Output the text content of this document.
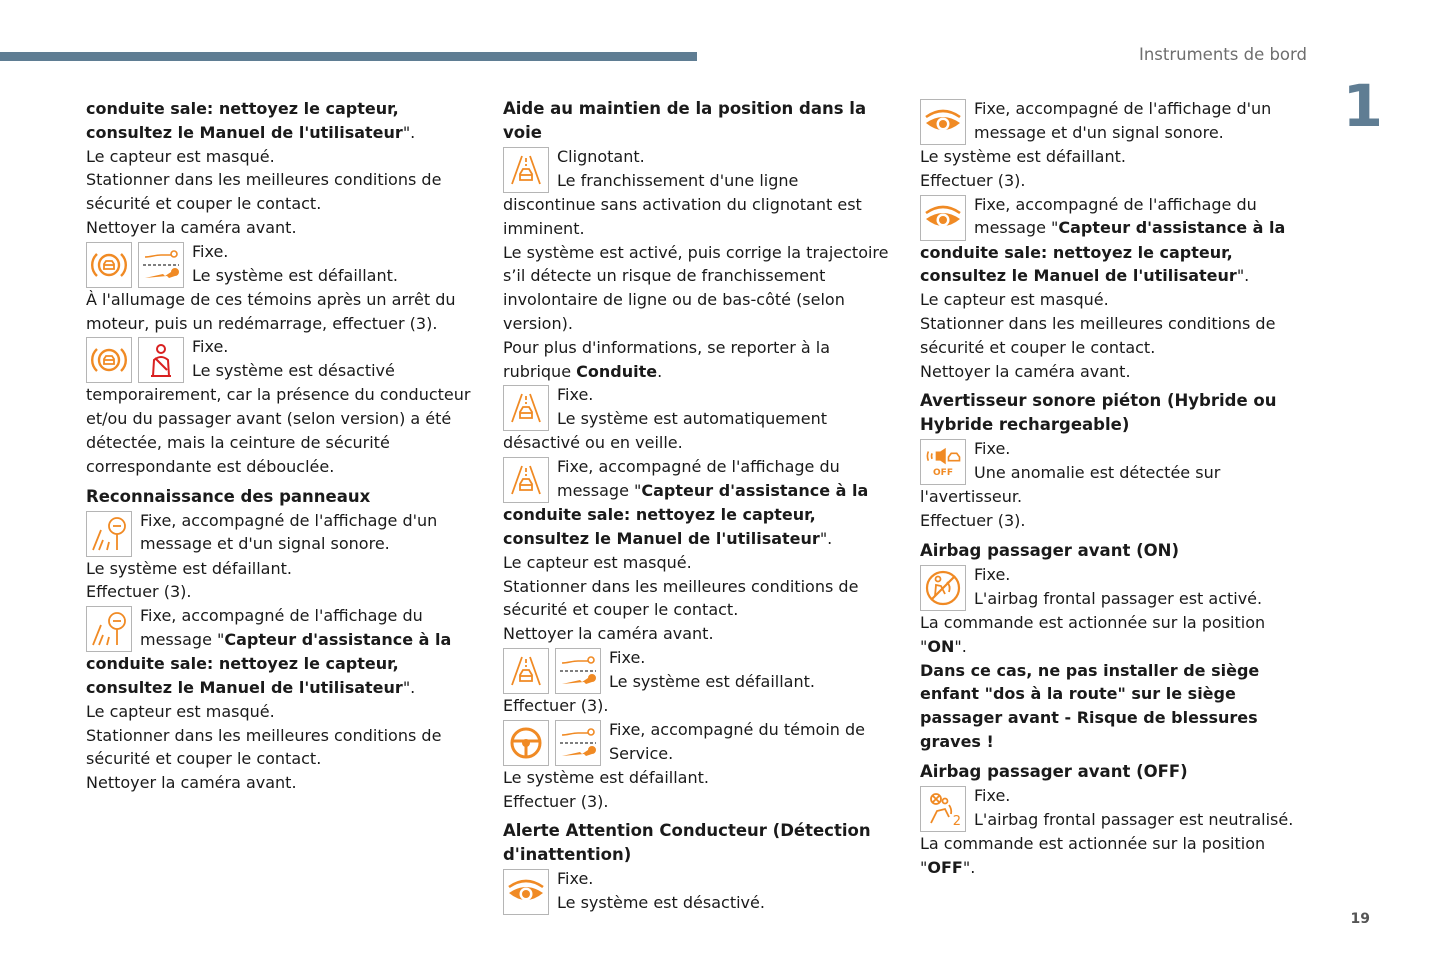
Instruments de bord
1
19

conduite sale: nettoyez le capteur, consultez le Manuel de l'utilisateur".

Le capteur est masqué.

Stationner dans les meilleures conditions de sécurité et couper le contact.

Nettoyer la caméra avant.

Fixe.

Le système est défaillant.

À l'allumage de ces témoins après un arrêt du moteur, puis un redémarrage, effectuer (3).

Fixe.

Le système est désactivé

temporairement, car la présence du conducteur et/ou du passager avant (selon version) a été détectée, mais la ceinture de sécurité correspondante est débouclée.

Reconnaissance des panneaux

Fixe, accompagné de l'affichage d'un message et d'un signal sonore.

Le système est défaillant.

Effectuer (3).

Fixe, accompagné de l'affichage du message "Capteur d'assistance à la

conduite sale: nettoyez le capteur, consultez le Manuel de l'utilisateur".

Le capteur est masqué.

Stationner dans les meilleures conditions de sécurité et couper le contact.

Nettoyer la caméra avant.

Aide au maintien de la position dans la voie

Clignotant.

Le franchissement d'une ligne

discontinue sans activation du clignotant est imminent.

Le système est activé, puis corrige la trajectoire s’il détecte un risque de franchissement involontaire de ligne ou de bas-côté (selon version).

Pour plus d'informations, se reporter à la rubrique Conduite.

Fixe.

Le système est automatiquement

désactivé ou en veille.

Fixe, accompagné de l'affichage du message "Capteur d'assistance à la

conduite sale: nettoyez le capteur, consultez le Manuel de l'utilisateur".

Le capteur est masqué.

Stationner dans les meilleures conditions de sécurité et couper le contact.

Nettoyer la caméra avant.

Fixe.

Le système est défaillant.

Effectuer (3).

Fixe, accompagné du témoin de Service.

Le système est défaillant.

Effectuer (3).

Alerte Attention Conducteur (Détection d'inattention)

Fixe.

Le système est désactivé.

Fixe, accompagné de l'affichage d'un message et d'un signal sonore.

Le système est défaillant.

Effectuer (3).

Fixe, accompagné de l'affichage du message "Capteur d'assistance à la

conduite sale: nettoyez le capteur, consultez le Manuel de l'utilisateur".

Le capteur est masqué.

Stationner dans les meilleures conditions de sécurité et couper le contact.

Nettoyer la caméra avant.

Avertisseur sonore piéton (Hybride ou Hybride rechargeable)
OFF

Fixe.

Une anomalie est détectée sur

l'avertisseur.

Effectuer (3).

Airbag passager avant (ON)

Fixe.

L'airbag frontal passager est activé.

La commande est actionnée sur la position "ON".

Dans ce cas, ne pas installer de siège enfant "dos à la route" sur le siège passager avant - Risque de blessures graves !

Airbag passager avant (OFF)
2

Fixe.

L'airbag frontal passager est neutralisé.

La commande est actionnée sur la position "OFF".
